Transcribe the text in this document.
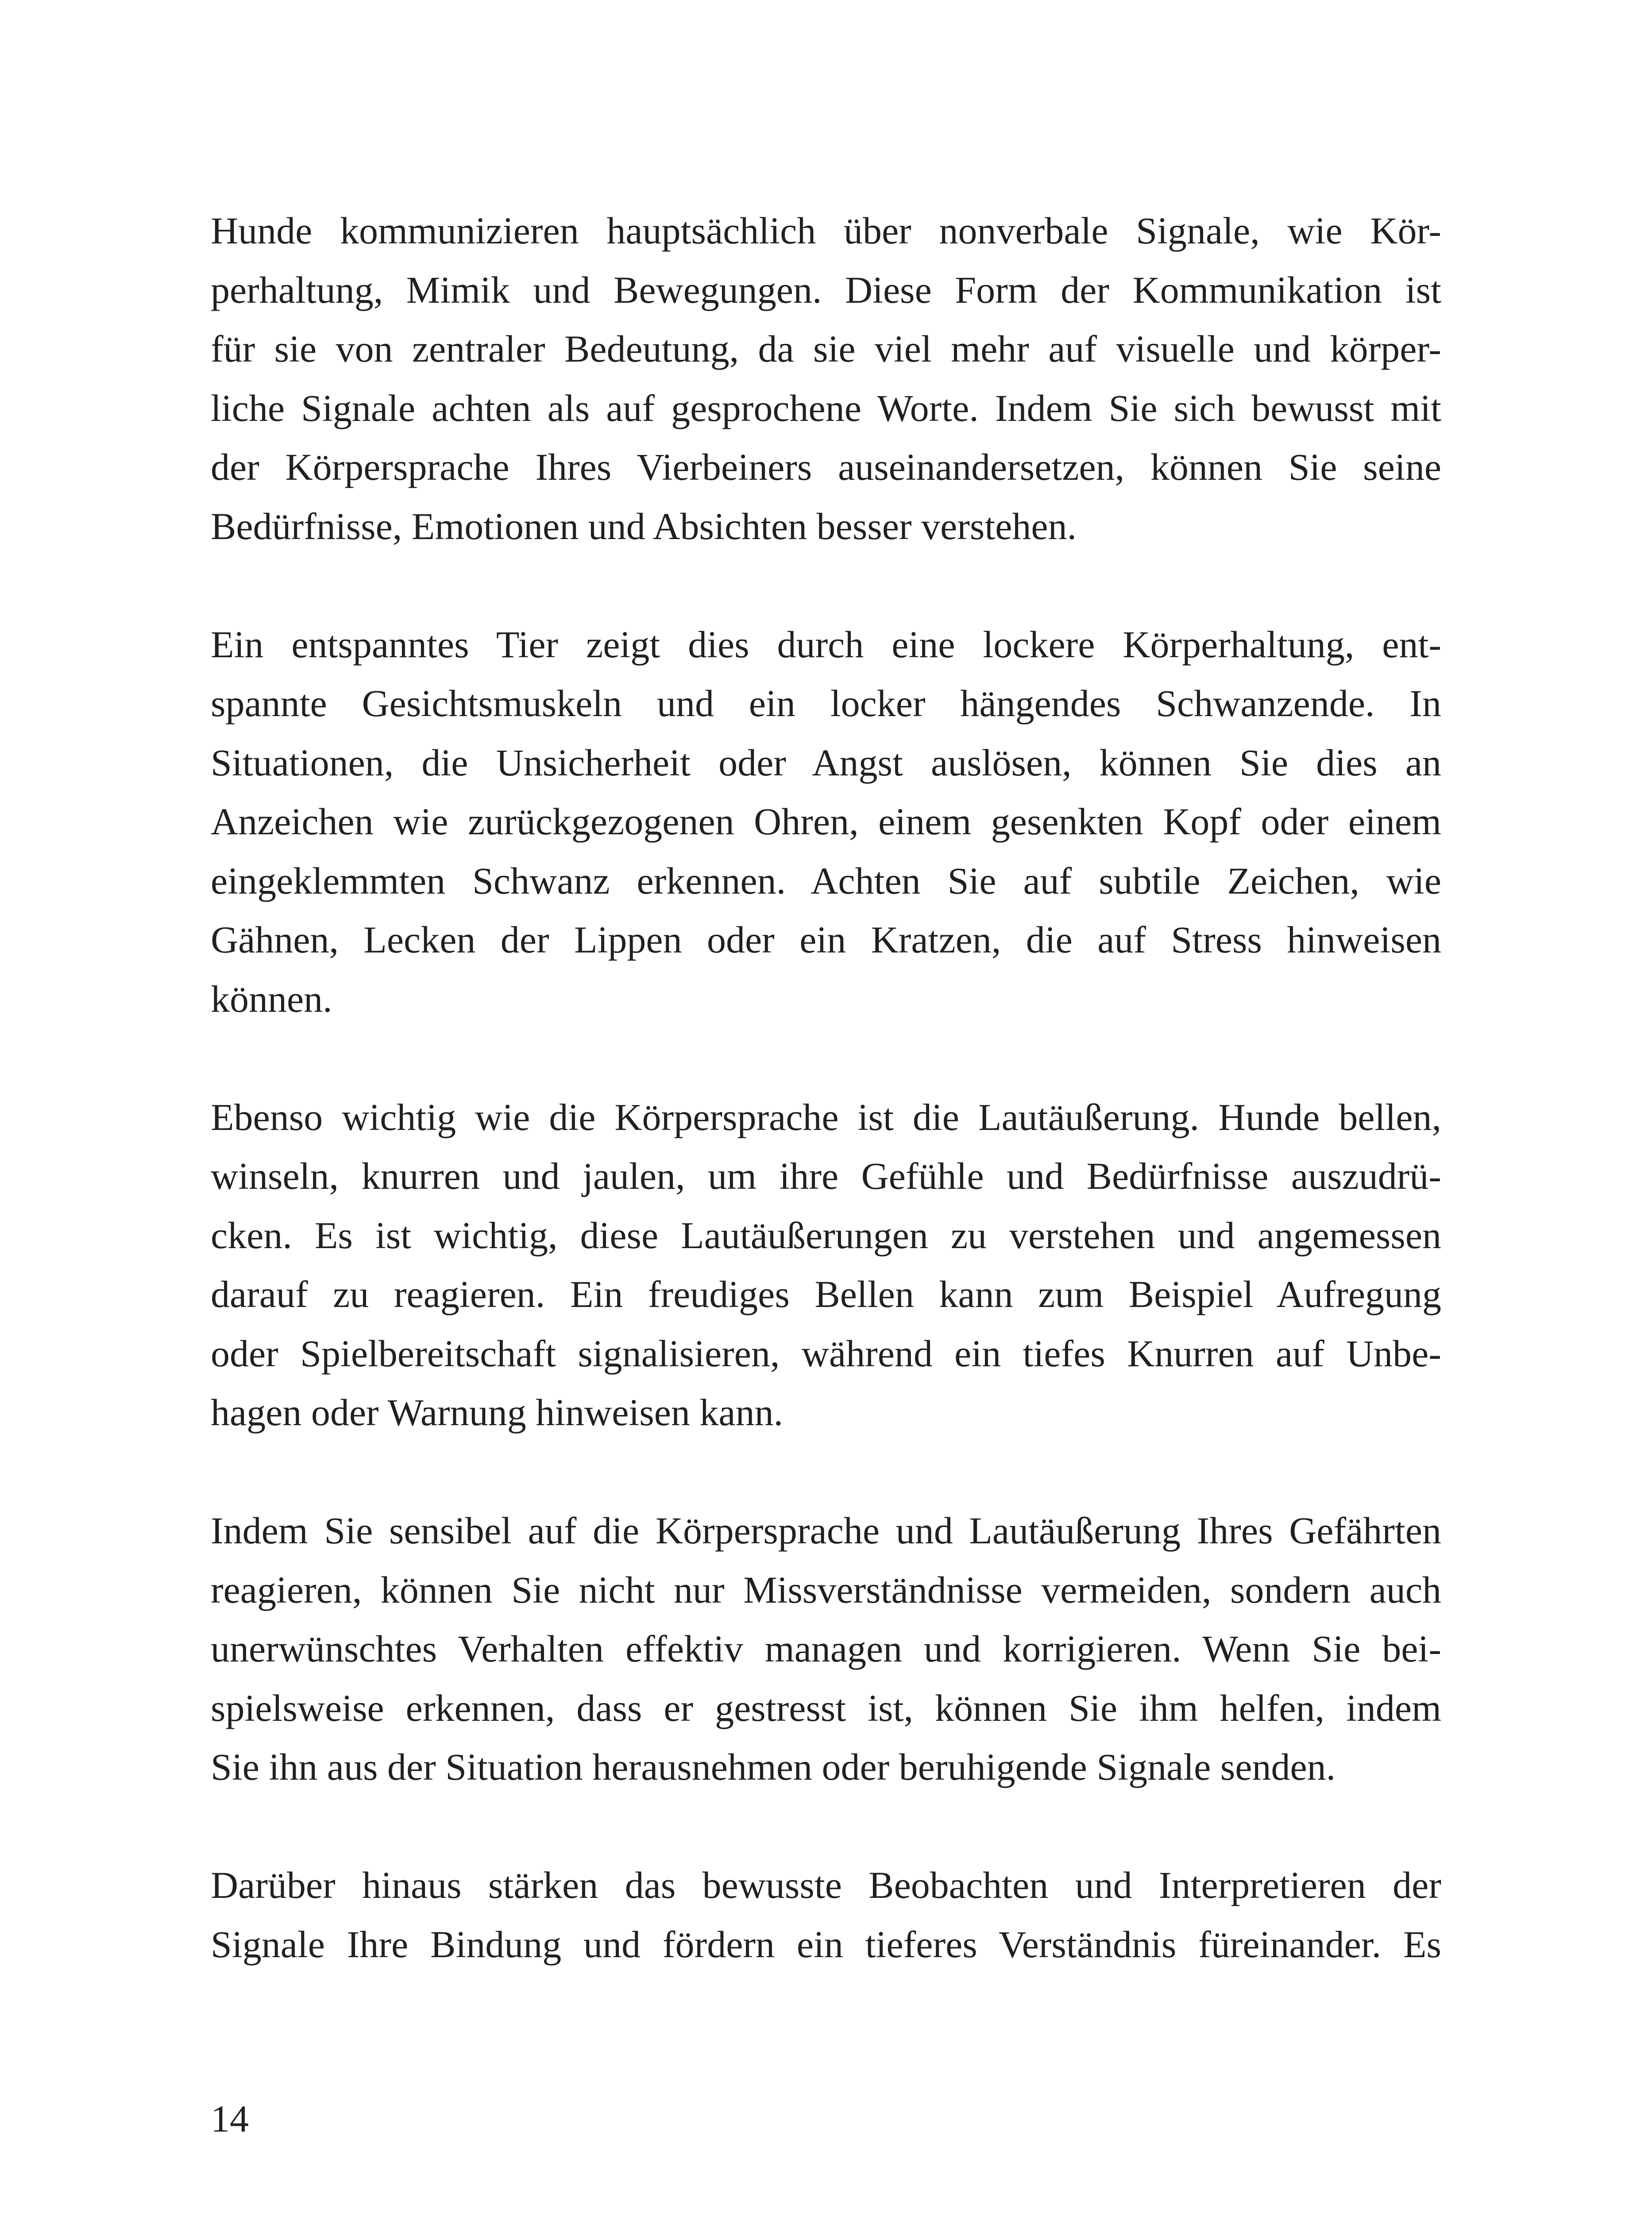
Hunde kommunizieren hauptsächlich über nonverbale Signale, wie Kör-
perhaltung, Mimik und Bewegungen. Diese Form der Kommunikation ist
für sie von zentraler Bedeutung, da sie viel mehr auf visuelle und körper-
liche Signale achten als auf gesprochene Worte. Indem Sie sich bewusst mit
der Körpersprache Ihres Vierbeiners auseinandersetzen, können Sie seine
Bedürfnisse, Emotionen und Absichten besser verstehen.

Ein entspanntes Tier zeigt dies durch eine lockere Körperhaltung, ent-
spannte Gesichtsmuskeln und ein locker hängendes Schwanzende. In
Situationen, die Unsicherheit oder Angst auslösen, können Sie dies an
Anzeichen wie zurückgezogenen Ohren, einem gesenkten Kopf oder einem
eingeklemmten Schwanz erkennen. Achten Sie auf subtile Zeichen, wie
Gähnen, Lecken der Lippen oder ein Kratzen, die auf Stress hinweisen
können.

Ebenso wichtig wie die Körpersprache ist die Lautäußerung. Hunde bellen,
winseln, knurren und jaulen, um ihre Gefühle und Bedürfnisse auszudrü-
cken. Es ist wichtig, diese Lautäußerungen zu verstehen und angemessen
darauf zu reagieren. Ein freudiges Bellen kann zum Beispiel Aufregung
oder Spielbereitschaft signalisieren, während ein tiefes Knurren auf Unbe-
hagen oder Warnung hinweisen kann.

Indem Sie sensibel auf die Körpersprache und Lautäußerung Ihres Gefährten
reagieren, können Sie nicht nur Missverständnisse vermeiden, sondern auch
unerwünschtes Verhalten effektiv managen und korrigieren. Wenn Sie bei-
spielsweise erkennen, dass er gestresst ist, können Sie ihm helfen, indem
Sie ihn aus der Situation herausnehmen oder beruhigende Signale senden.

Darüber hinaus stärken das bewusste Beobachten und Interpretieren der
Signale Ihre Bindung und fördern ein tieferes Verständnis füreinander. Es

14
